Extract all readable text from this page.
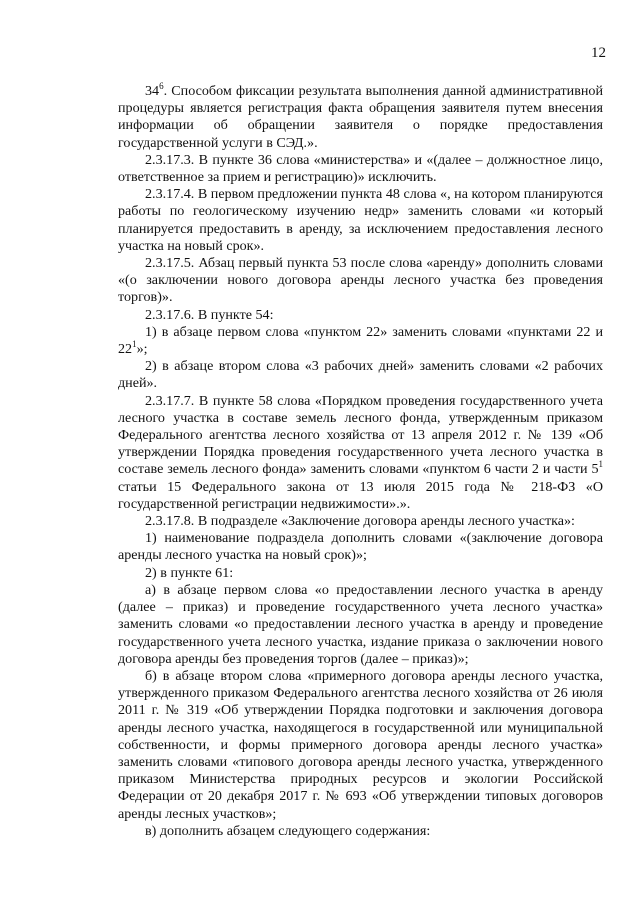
12

$34^6$. Способом фиксации результата выполнения данной административной процедуры является регистрация факта обращения заявителя путем внесения информации об обращении заявителя о порядке предоставления государственной услуги в СЭД.».

2.3.17.3. В пункте 36 слова «министерства» и «(далее – должностное лицо, ответственное за прием и регистрацию)» исключить.

2.3.17.4. В первом предложении пункта 48 слова «, на котором планируются работы по геологическому изучению недр» заменить словами «и который планируется предоставить в аренду, за исключением предоставления лесного участка на новый срок».

2.3.17.5. Абзац первый пункта 53 после слова «аренду» дополнить словами «(о заключении нового договора аренды лесного участка без проведения торгов)».

2.3.17.6. В пункте 54:

1) в абзаце первом слова «пунктом 22» заменить словами «пунктами 22 и $22^1$»;

2) в абзаце втором слова «3 рабочих дней» заменить словами «2 рабочих дней».

2.3.17.7. В пункте 58 слова «Порядком проведения государственного учета лесного участка в составе земель лесного фонда, утвержденным приказом Федерального агентства лесного хозяйства от 13 апреля 2012 г. № 139 «Об утверждении Порядка проведения государственного учета лесного участка в составе земель лесного фонда» заменить словами «пунктом 6 части 2 и части $5^1$ статьи 15 Федерального закона от 13 июля 2015 года № 218-ФЗ «О государственной регистрации недвижимости».».

2.3.17.8. В подразделе «Заключение договора аренды лесного участка»:

1) наименование подраздела дополнить словами «(заключение договора аренды лесного участка на новый срок)»;

2) в пункте 61:

а) в абзаце первом слова «о предоставлении лесного участка в аренду (далее – приказ) и проведение государственного учета лесного участка» заменить словами «о предоставлении лесного участка в аренду и проведение государственного учета лесного участка, издание приказа о заключении нового договора аренды без проведения торгов (далее – приказ)»;

б) в абзаце втором слова «примерного договора аренды лесного участка, утвержденного приказом Федерального агентства лесного хозяйства от 26 июля 2011 г. № 319 «Об утверждении Порядка подготовки и заключения договора аренды лесного участка, находящегося в государственной или муниципальной собственности, и формы примерного договора аренды лесного участка» заменить словами «типового договора аренды лесного участка, утвержденного приказом Министерства природных ресурсов и экологии Российской Федерации от 20 декабря 2017 г. № 693 «Об утверждении типовых договоров аренды лесных участков»;

в) дополнить абзацем следующего содержания:
